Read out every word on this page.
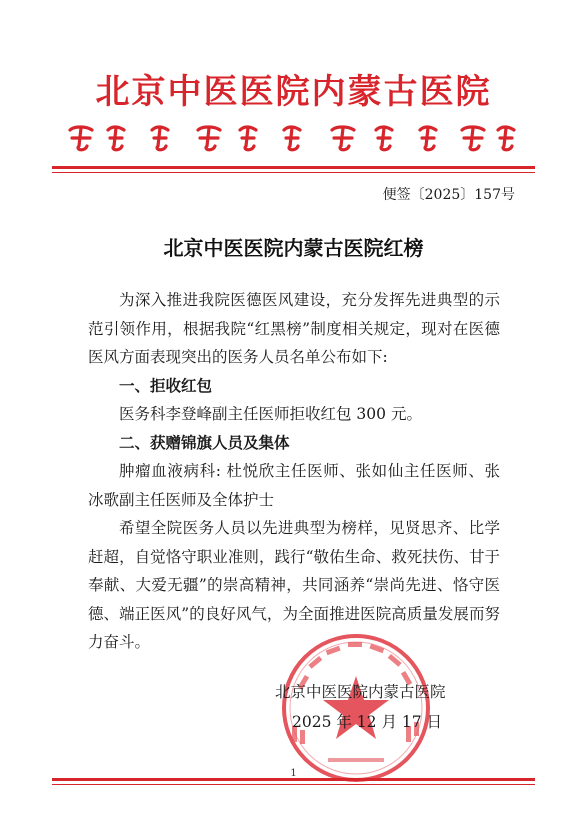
北京中医医院内蒙古医院
便签〔2025〕157号
北京中医医院内蒙古医院红榜

为深入推进我院医德医风建设，充分发挥先进典型的示范引领作用，根据我院“红黑榜”制度相关规定，现对在医德医风方面表现突出的医务人员名单公布如下:

一、拒收红包

医务科李登峰副主任医师拒收红包 300 元。

二、获赠锦旗人员及集体

肿瘤血液病科: 杜悦欣主任医师、张如仙主任医师、张冰歌副主任医师及全体护士

希望全院医务人员以先进典型为榜样，见贤思齐、比学赶超，自觉恪守职业准则，践行“敬佑生命、救死扶伤、甘于奉献、大爱无疆”的崇高精神，共同涵养“崇尚先进、恪守医德、端正医风”的良好风气，为全面推进医院高质量发展而努力奋斗。

北京中医医院内蒙古医院
2025 年 12 月 17 日
1
